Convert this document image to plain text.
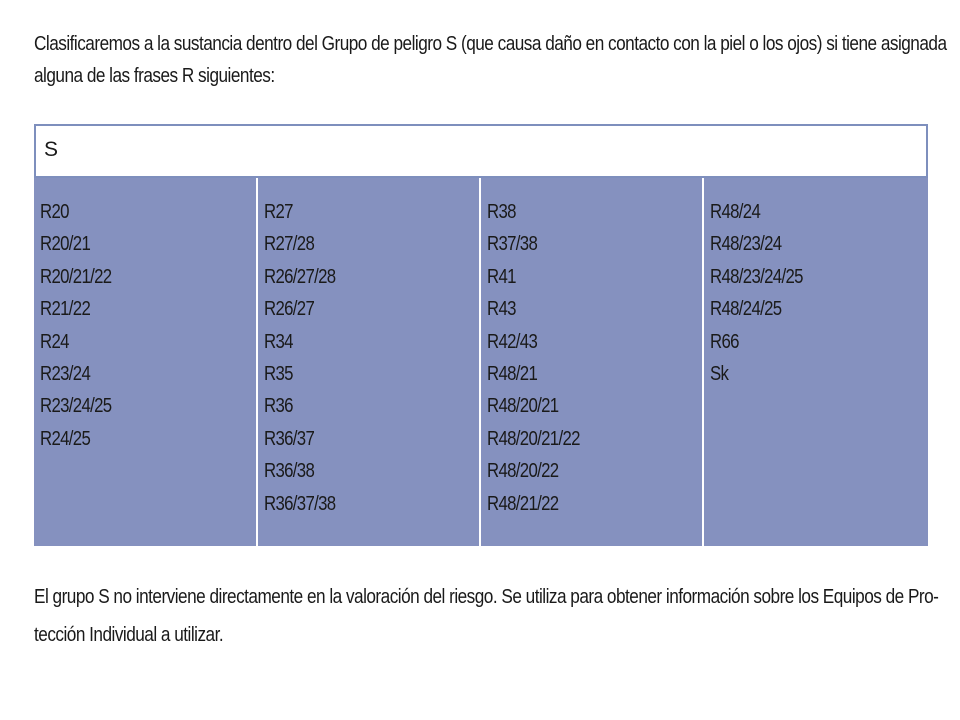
Clasificaremos a la sustancia dentro del Grupo de peligro S (que causa daño en contacto con la piel o los ojos) si tiene asignada
alguna de las frases R siguientes:
S
R20
R20/21
R20/21/22
R21/22
R24
R23/24
R23/24/25
R24/25
R27
R27/28
R26/27/28
R26/27
R34
R35
R36
R36/37
R36/38
R36/37/38
R38
R37/38
R41
R43
R42/43
R48/21
R48/20/21
R48/20/21/22
R48/20/22
R48/21/22
R48/24
R48/23/24
R48/23/24/25
R48/24/25
R66
Sk
El grupo S no interviene directamente en la valoración del riesgo. Se utiliza para obtener información sobre los Equipos de Pro-
tección Individual a utilizar.
